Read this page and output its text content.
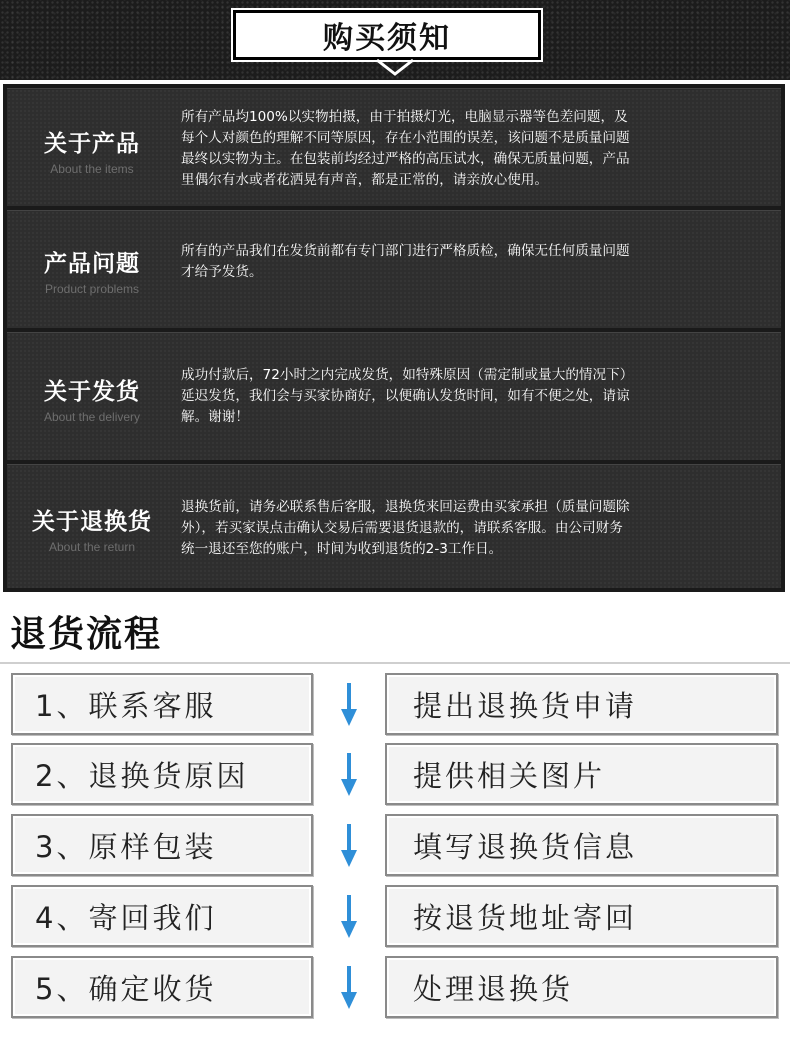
购买须知
关于产品
About the items
所有产品均100%以实物拍摄，由于拍摄灯光，电脑显示器等色差问题，及
每个人对颜色的理解不同等原因，存在小范围的误差，该问题不是质量问题
最终以实物为主。在包装前均经过严格的高压试水，确保无质量问题，产品
里偶尔有水或者花洒晃有声音，都是正常的，请亲放心使用。
产品问题
Product problems
所有的产品我们在发货前都有专门部门进行严格质检，确保无任何质量问题
才给予发货。
关于发货
About the delivery
成功付款后，72小时之内完成发货，如特殊原因（需定制或量大的情况下）
延迟发货，我们会与买家协商好，以便确认发货时间，如有不便之处，请谅
解。谢谢！
关于退换货
About the return
退换货前，请务必联系售后客服，退换货来回运费由买家承担（质量问题除
外），若买家误点击确认交易后需要退货退款的，请联系客服。由公司财务
统一退还至您的账户，时间为收到退货的2-3工作日。
退货流程
1、联系客服	提出退换货申请
2、退换货原因	提供相关图片
3、原样包装	填写退换货信息
4、寄回我们	按退货地址寄回
5、确定收货	处理退换货
